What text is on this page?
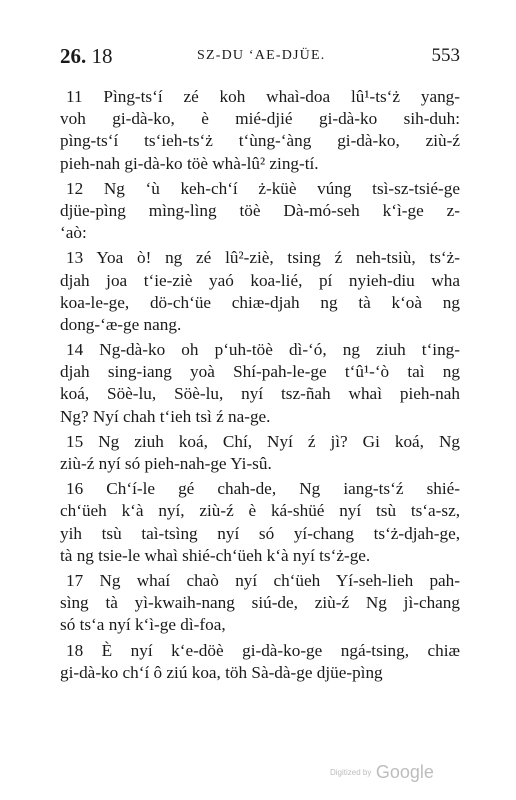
26. 18	SZ-DU ‘AE-DJÜE.	553
11 Pìng-ts‘í zé koh whaì-doa lû¹-ts‘ż yang-
voh gi-dà-ko, è mié-djié gi-dà-ko sih-duh:
pìng-ts‘í ts‘ieh-ts‘ż t‘ùng-‘àng gi-dà-ko, ziù-ź
pieh-nah gi-dà-ko töè whà-lû² zing-tí.
12 Ng ‘ù keh-ch‘í ż-küè vúng tsì-sz-tsié-ge
djüe-pìng mìng-lìng töè Dà-mó-seh k‘ì-ge z-
‘aò:
13 Yoa ò! ng zé lû²-ziè, tsing ź neh-tsiù, ts‘ż-
djah joa t‘ie-ziè yaó koa-lié, pí nyieh-diu wha
koa-le-ge, dö-ch‘üe chiæ-djah ng tà k‘oà ng
dong-‘æ-ge nang.
14 Ng-dà-ko oh p‘uh-töè dì-‘ó, ng ziuh t‘ing-
djah sing-iang yoà Shí-pah-le-ge t‘û¹-‘ò taì ng
koá, Söè-lu, Söè-lu, nyí tsz-ñah whaì pieh-nah
Ng? Nyí chah t‘ieh tsì ź na-ge.
15 Ng ziuh koá, Chí, Nyí ź jì? Gi koá, Ng
ziù-ź nyí só pieh-nah-ge Yi-sû.
16 Ch‘í-le gé chah-de, Ng iang-ts‘ź shié-
ch‘üeh k‘à nyí, ziù-ź è ká-shüé nyí tsù ts‘a-sz,
yih tsù taì-tsìng nyí só yí-chang ts‘ż-djah-ge,
tà ng tsie-le whaì shié-ch‘üeh k‘à nyí ts‘ż-ge.
17 Ng whaí chaò nyí ch‘üeh Yí-seh-lieh pah-
sìng tà yì-kwaih-nang siú-de, ziù-ź Ng jì-chang
só ts‘a nyí k‘ì-ge dì-foa,
18 È nyí k‘e-döè gi-dà-ko-ge ngá-tsing, chiæ
gi-dà-ko ch‘í ô ziú koa, töh Sà-dà-ge djüe-pìng
Digitized by Google
